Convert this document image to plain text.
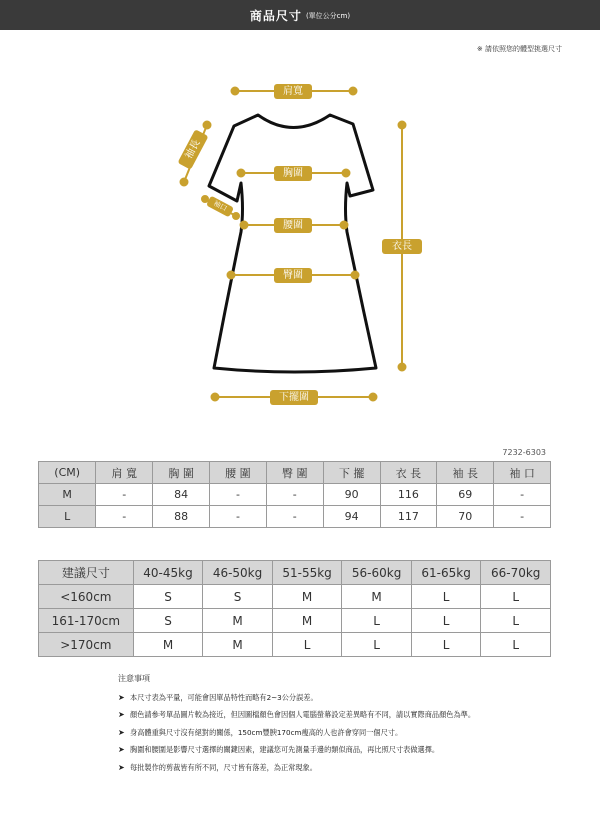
商品尺寸 (單位公分cm)
※ 請依照您的體型挑選尺寸
肩寬
袖長
袖口
胸圍
腰圍
臀圍
衣長
下擺圍
7232-6303
(CM)	肩 寬	胸 圍	腰 圍	臀 圍	下 擺	衣 長	袖 長	袖 口
M	-	84	-	-	90	116	69	-
L	-	88	-	-	94	117	70	-
建議尺寸	40-45kg	46-50kg	51-55kg	56-60kg	61-65kg	66-70kg
<160cm	S	S	M	M	L	L
161-170cm	S	M	M	L	L	L
>170cm	M	M	L	L	L	L
注意事項
➤ 本尺寸表為平量，可能會因單品特性而略有2~3公分誤差。
➤ 顏色請參考單品圖片較為接近，但因圖檔顏色會因個人電腦螢幕設定差異略有不同，請以實際商品顏色為準。
➤ 身高體重與尺寸沒有絕對的關係，150cm豐腴170cm瘦高的人也許會穿同一個尺寸。
➤ 胸圍和腰圍是影響尺寸選擇的關鍵因素，建議您可先測量手邊的類似商品，再比照尺寸表做選擇。
➤ 每批製作的剪裁皆有所不同，尺寸皆有落差，為正常現象。
